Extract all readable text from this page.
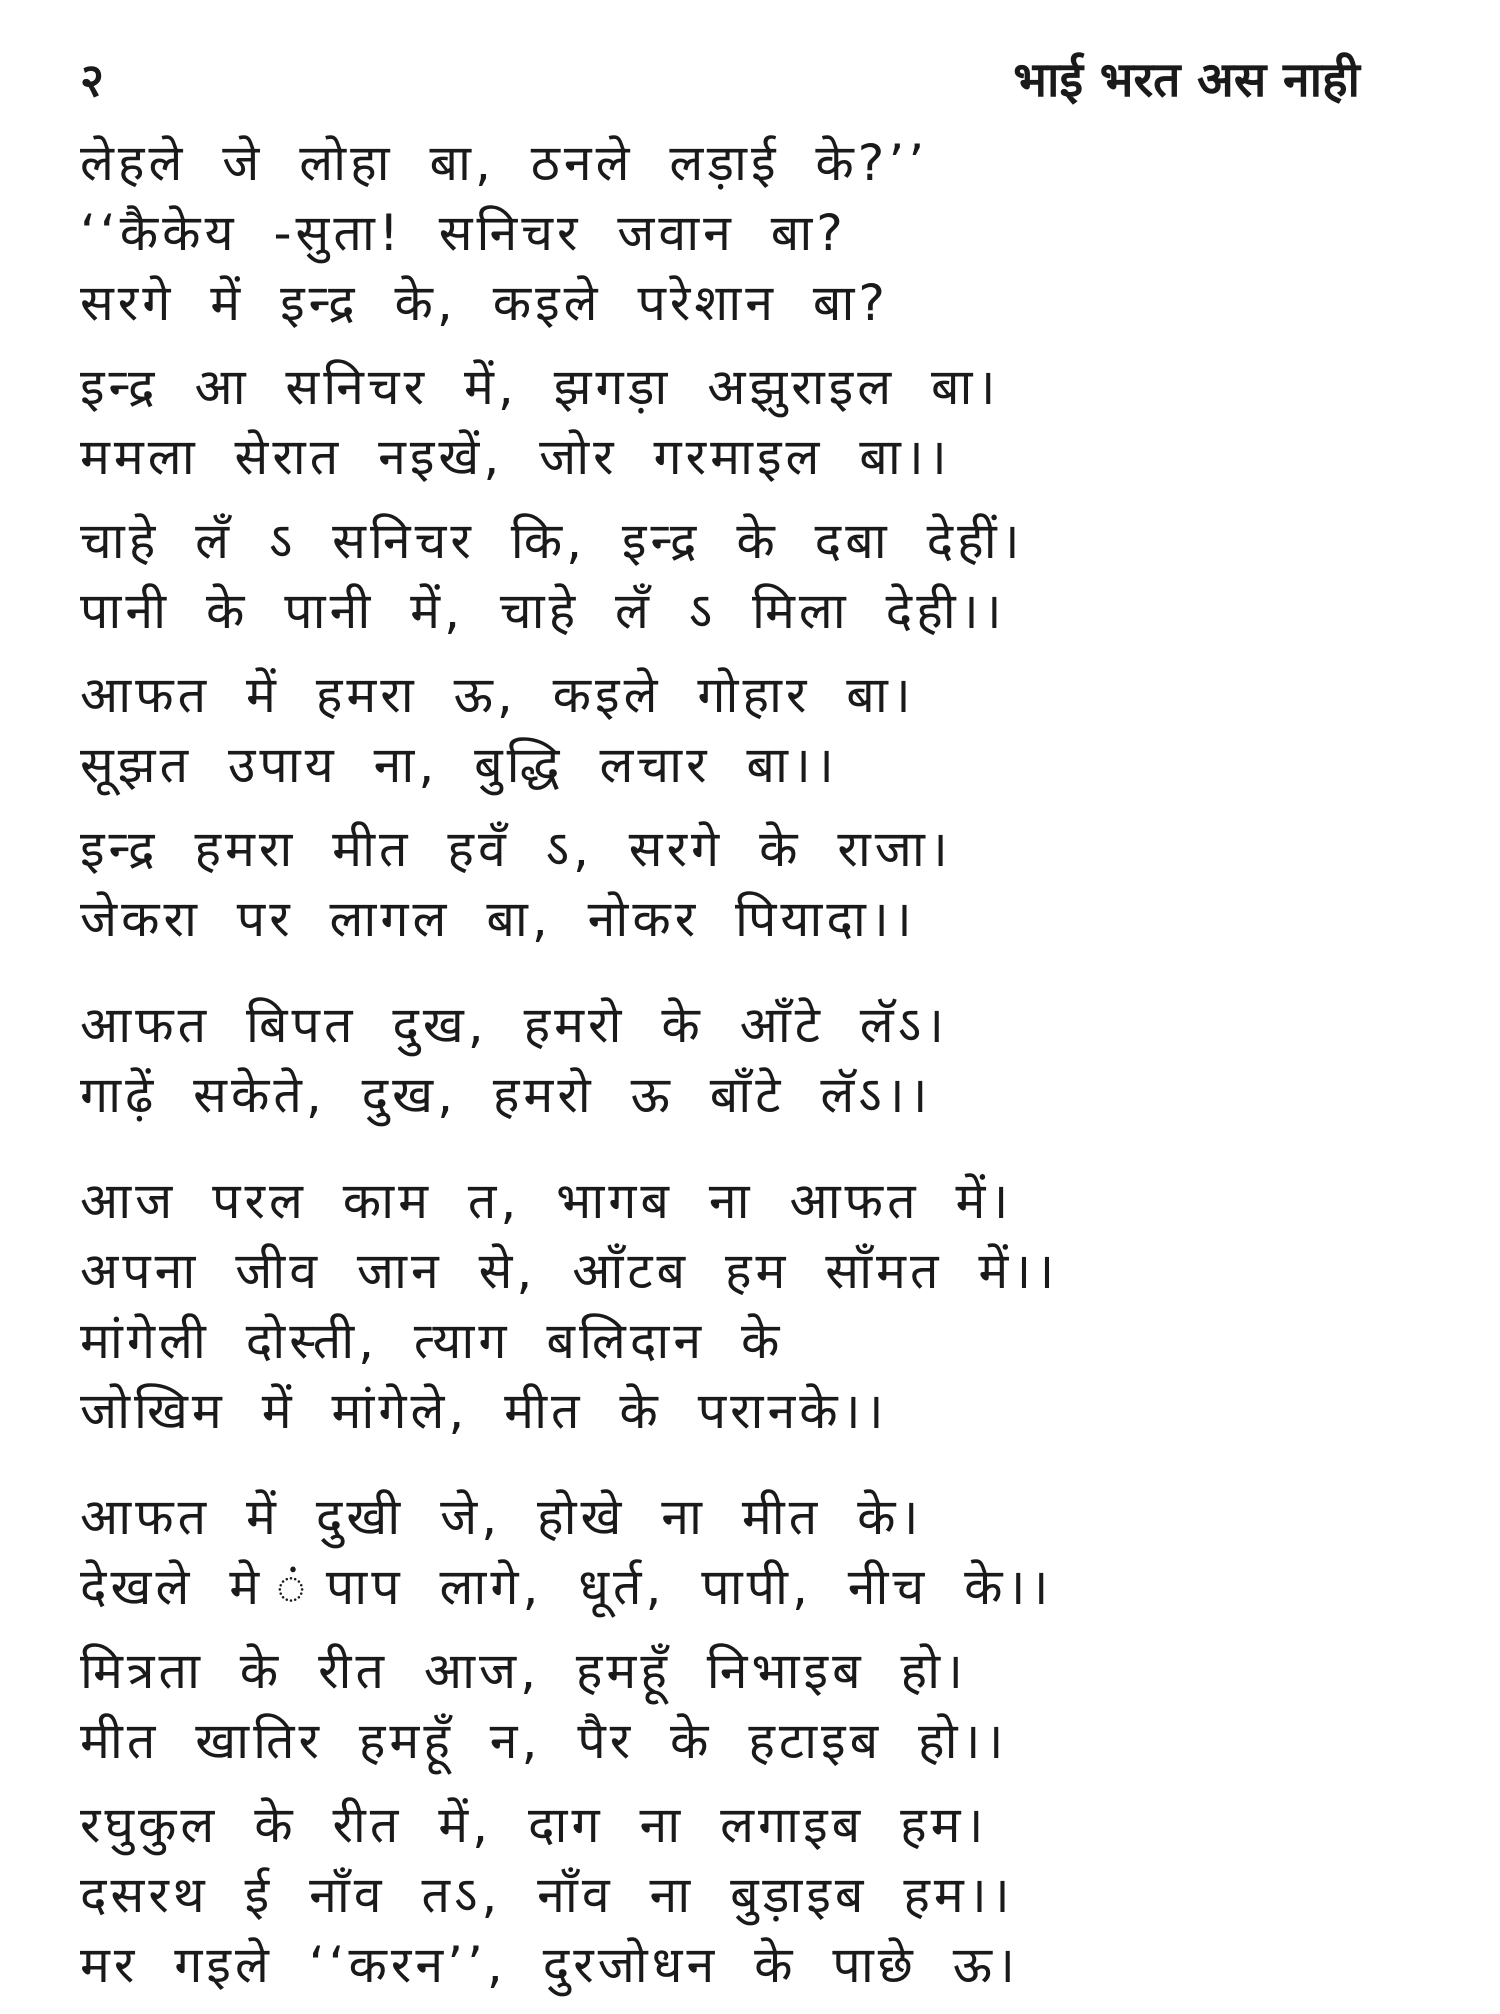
२	भाई भरत अस नाही
लेहले जे लोहा बा, ठनले लड़ाई के?’’
‘‘कैकेय -सुता! सनिचर जवान बा?
सरगे में इन्द्र के, कइले परेशान बा?
इन्द्र आ सनिचर में, झगड़ा अझुराइल बा।
ममला सेरात नइखें, जोर गरमाइल बा।।
चाहे लँ ऽ सनिचर कि, इन्द्र के दबा देहीं।
पानी के पानी में, चाहे लँ ऽ मिला देही।।
आफत में हमरा ऊ, कइले गोहार बा।
सूझत उपाय ना, बुद्धि लचार बा।।
इन्द्र हमरा मीत हवँ ऽ, सरगे के राजा।
जेकरा पर लागल बा, नोकर पियादा।।
आफत बिपत दुख, हमरो के आँटे लॅऽ।
गाढ़ें सकेते, दुख, हमरो ऊ बाँटे लॅऽ।।
आज परल काम त, भागब ना आफत में।
अपना जीव जान से, आँटब हम साँमत में।।
मांगेली दोस्ती, त्याग बलिदान के
जोखिम में मांगेले, मीत के परानके।।
आफत में दुखी जे, होखे ना मीत के।
देखले मे ंपाप लागे, धूर्त, पापी, नीच के।।
मित्रता के रीत आज, हमहूँ निभाइब हो।
मीत खातिर हमहूँ न, पैर के हटाइब हो।।
रघुकुल के रीत में, दाग ना लगाइब हम।
दसरथ ई नाँव तऽ, नाँव ना बुड़ाइब हम।।
मर गइले ‘‘करन’’, दुरजोधन के पाछे ऊ।
